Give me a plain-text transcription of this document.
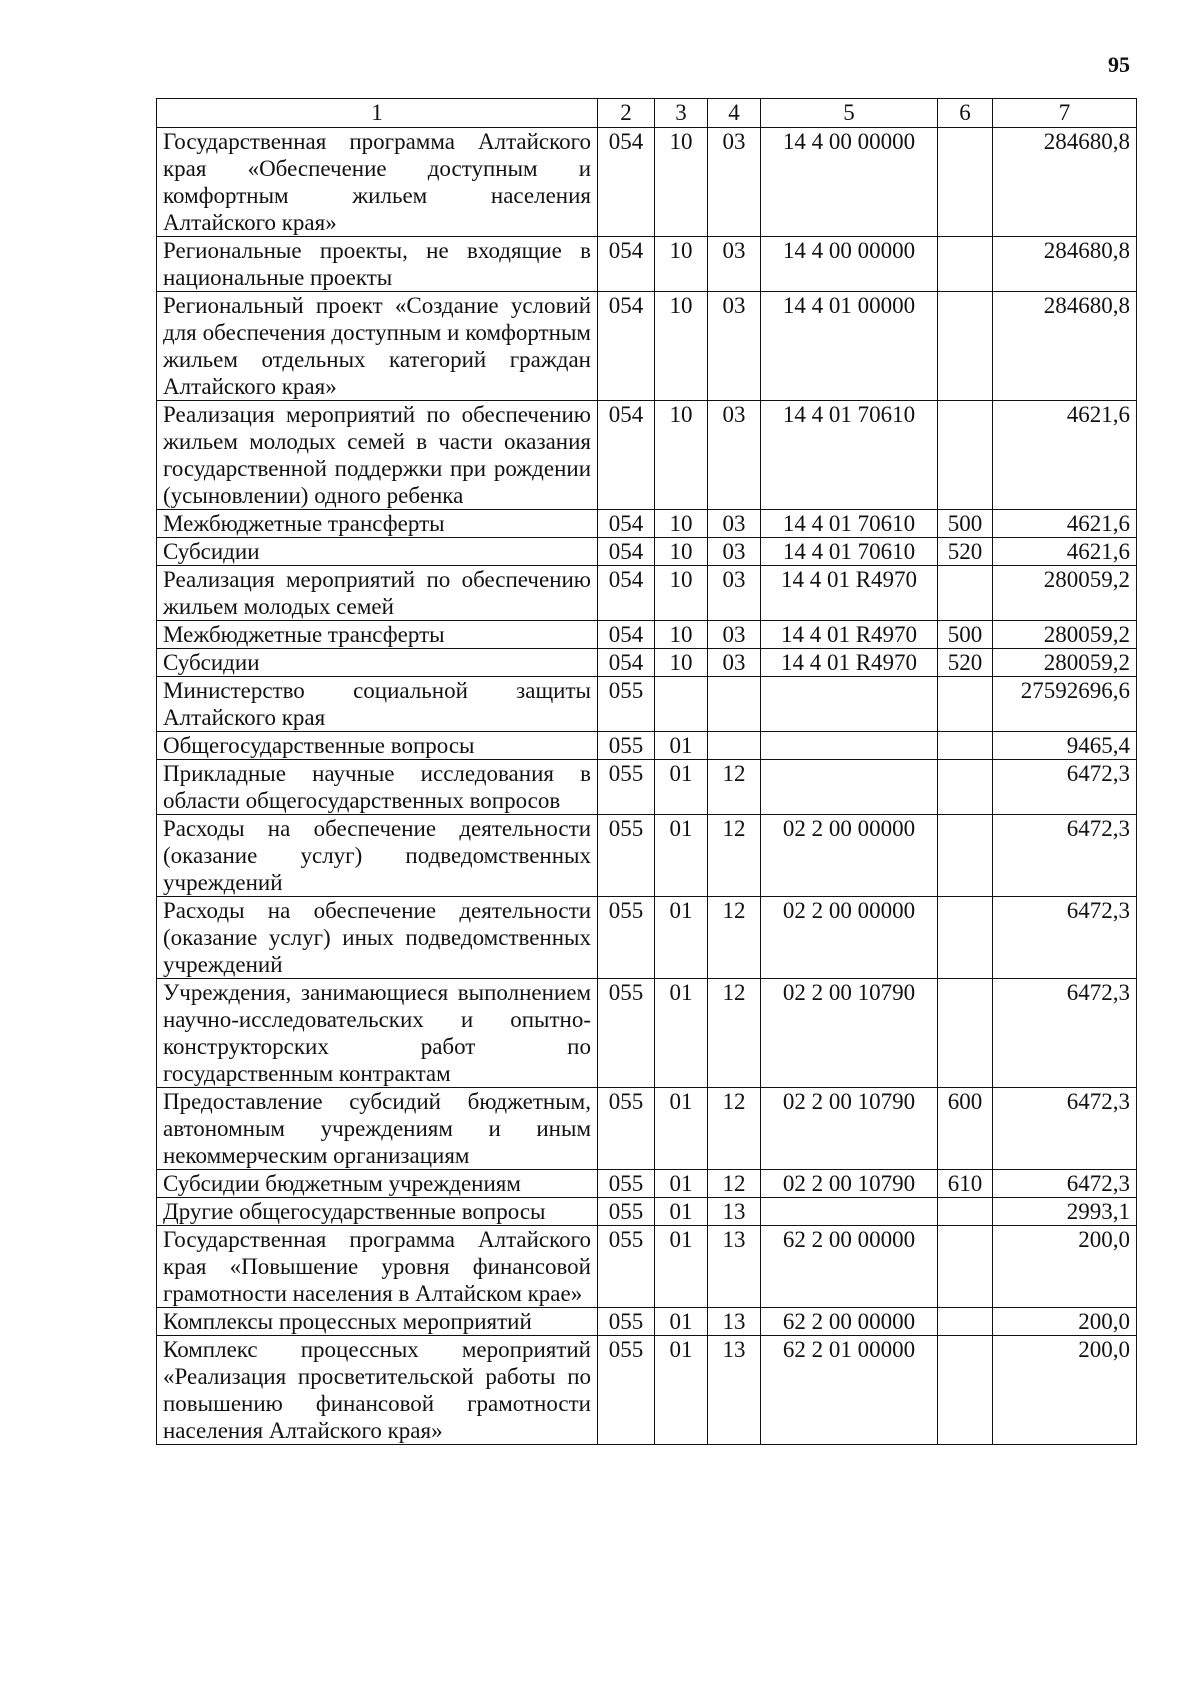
95
1	2	3	4	5	6	7
Государственная программа Алтайского края «Обеспечение доступным и комфортным жильем населения Алтайского края»	054	10	03	14 4 00 00000		284680,8
Региональные проекты, не входящие в национальные проекты	054	10	03	14 4 00 00000		284680,8
Региональный проект «Создание условий для обеспечения доступным и комфортным жильем отдельных категорий граждан Алтайского края»	054	10	03	14 4 01 00000		284680,8
Реализация мероприятий по обеспечению жильем молодых семей в части оказания государственной поддержки при рождении (усыновлении) одного ребенка	054	10	03	14 4 01 70610		4621,6
Межбюджетные трансферты	054	10	03	14 4 01 70610	500	4621,6
Субсидии	054	10	03	14 4 01 70610	520	4621,6
Реализация мероприятий по обеспечению жильем молодых семей	054	10	03	14 4 01 R4970		280059,2
Межбюджетные трансферты	054	10	03	14 4 01 R4970	500	280059,2
Субсидии	054	10	03	14 4 01 R4970	520	280059,2
Министерство социальной защиты Алтайского края	055					27592696,6
Общегосударственные вопросы	055	01				9465,4
Прикладные научные исследования в области общегосударственных вопросов	055	01	12			6472,3
Расходы на обеспечение деятельности (оказание услуг) подведомственных учреждений	055	01	12	02 2 00 00000		6472,3
Расходы на обеспечение деятельности (оказание услуг) иных подведомственных учреждений	055	01	12	02 2 00 00000		6472,3
Учреждения, занимающиеся выполнением научно-исследовательских и опытно-конструкторских работ по государственным контрактам	055	01	12	02 2 00 10790		6472,3
Предоставление субсидий бюджетным, автономным учреждениям и иным некоммерческим организациям	055	01	12	02 2 00 10790	600	6472,3
Субсидии бюджетным учреждениям	055	01	12	02 2 00 10790	610	6472,3
Другие общегосударственные вопросы	055	01	13			2993,1
Государственная программа Алтайского края «Повышение уровня финансовой грамотности населения в Алтайском крае»	055	01	13	62 2 00 00000		200,0
Комплексы процессных мероприятий	055	01	13	62 2 00 00000		200,0
Комплекс процессных мероприятий «Реализация просветительской работы по повышению финансовой грамотности населения Алтайского края»	055	01	13	62 2 01 00000		200,0
